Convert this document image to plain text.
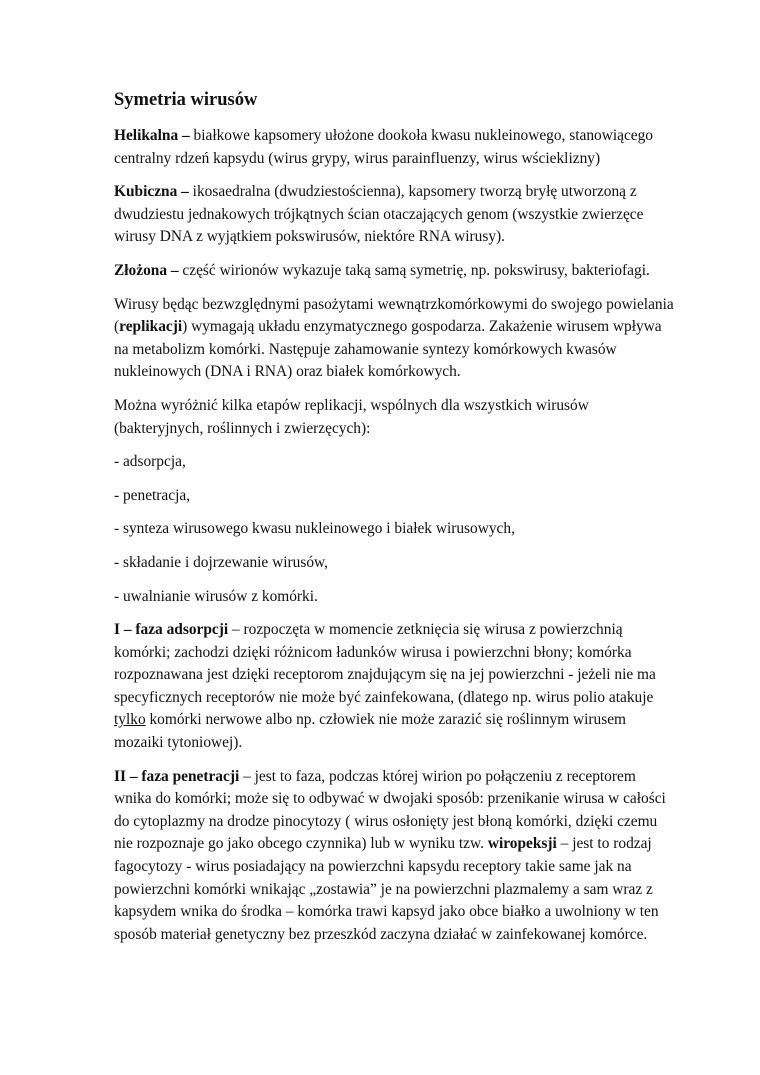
Symetria wirusów

Helikalna – białkowe kapsomery ułożone dookoła kwasu nukleinowego, stanowiącego centralny rdzeń kapsydu (wirus grypy, wirus parainfluenzy, wirus wścieklizny)

Kubiczna – ikosaedralna (dwudziestościenna), kapsomery tworzą bryłę utworzoną z dwudziestu jednakowych trójkątnych ścian otaczających genom (wszystkie zwierzęce wirusy DNA z wyjątkiem pokswirusów, niektóre RNA wirusy).

Złożona – część wirionów wykazuje taką samą symetrię, np. pokswirusy, bakteriofagi.

Wirusy będąc bezwzględnymi pasożytami wewnątrzkomórkowymi do swojego powielania (replikacji) wymagają układu enzymatycznego gospodarza. Zakażenie wirusem wpływa na metabolizm komórki. Następuje zahamowanie syntezy komórkowych kwasów nukleinowych (DNA i RNA) oraz białek komórkowych.

Można wyróżnić kilka etapów replikacji, wspólnych dla wszystkich wirusów (bakteryjnych, roślinnych i zwierzęcych):

- adsorpcja,
- penetracja,
- synteza wirusowego kwasu nukleinowego i białek wirusowych,
- składanie i dojrzewanie wirusów,
- uwalnianie wirusów z komórki.

I – faza adsorpcji – rozpoczęta w momencie zetknięcia się wirusa z powierzchnią komórki; zachodzi dzięki różnicom ładunków wirusa i powierzchni błony; komórka rozpoznawana jest dzięki receptorom znajdującym się na jej powierzchni - jeżeli nie ma specyficznych receptorów nie może być zainfekowana, (dlatego np. wirus polio atakuje tylko komórki nerwowe albo np. człowiek nie może zarazić się roślinnym wirusem mozaiki tytoniowej).

II – faza penetracji – jest to faza, podczas której wirion po połączeniu z receptorem wnika do komórki; może się to odbywać w dwojaki sposób: przenikanie wirusa w całości do cytoplazmy na drodze pinocytozy ( wirus osłonięty jest błoną komórki, dzięki czemu nie rozpoznaje go jako obcego czynnika) lub w wyniku tzw. wiropeksji – jest to rodzaj fagocytozy - wirus posiadający na powierzchni kapsydu receptory takie same jak na powierzchni komórki wnikając „zostawia” je na powierzchni plazmalemy a sam wraz z kapsydem wnika do środka – komórka trawi kapsyd jako obce białko a uwolniony w ten sposób materiał genetyczny bez przeszkód zaczyna działać w zainfekowanej komórce.
